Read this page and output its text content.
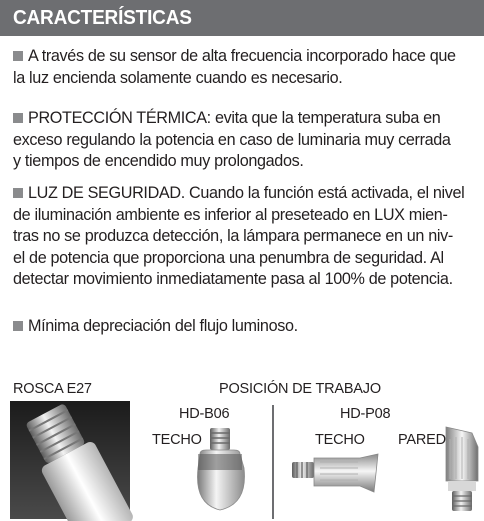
CARACTERÍSTICAS
A través de su sensor de alta frecuencia incorporado hace que
la luz encienda solamente cuando es necesario.
PROTECCIÓN TÉRMICA: evita que la temperatura suba en
exceso regulando la potencia en caso de luminaria muy cerrada
y tiempos de encendido muy prolongados.
LUZ DE SEGURIDAD. Cuando la función está activada, el nivel
de iluminación ambiente es inferior al preseteado en LUX mien-
tras no se produzca detección, la lámpara permanece en un niv-
el de potencia que proporciona una penumbra de seguridad. Al
detectar movimiento inmediatamente pasa al 100% de potencia.
Mínima depreciación del flujo luminoso.
ROSCA E27	POSICIÓN DE TRABAJO
HD-B06	HD-P08
TECHO	TECHO PARED
